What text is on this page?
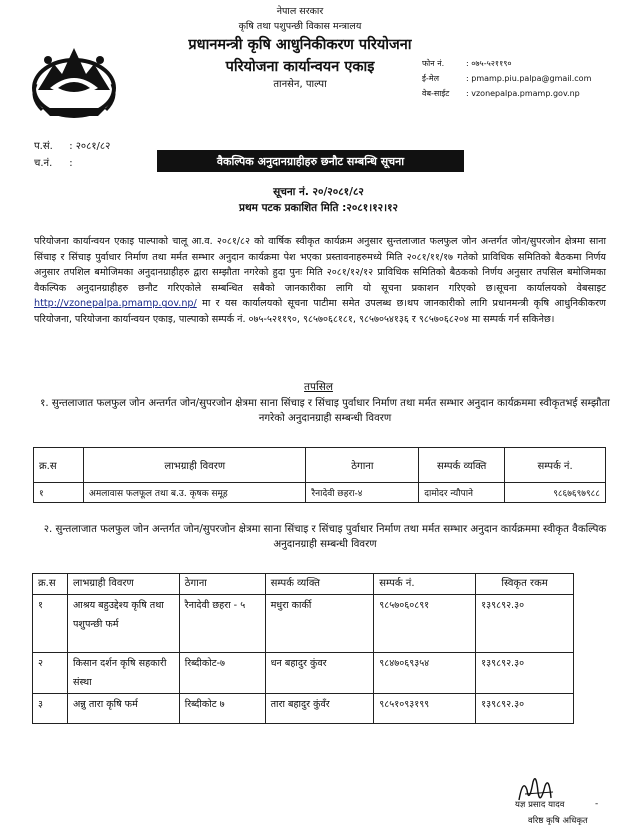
नेपाल सरकार
कृषि तथा पशुपन्छी विकास मन्त्रालय
प्रधानमन्त्री कृषि आधुनिकीकरण परियोजना
परियोजना कार्यान्वयन एकाइ
तानसेन, पाल्पा
फोन नं.	: ०७५-५२११९०
ई-मेल	: pmamp.piu.palpa@gmail.com
वेब-साईट	: vzonepalpa.pmamp.gov.np
प.सं. : २०८१/८२
च.नं. :	वैकल्पिक अनुदानग्राहीहरु छनौट सम्बन्धि सूचना
सूचना नं. २०/२०८१/८२
प्रथम पटक प्रकाशित मिति :२०८१।१२।१२

परियोजना कार्यान्वयन एकाइ पाल्पाको चालू आ.व. २०८१/८२ को वार्षिक स्वीकृत कार्यक्रम अनुसार सुन्तलाजात फलफुल जोन अन्तर्गत जोन/सुपरजोन क्षेत्रमा साना सिंचाइ र सिंचाइ पुर्वाधार निर्माण तथा मर्मत सम्भार अनुदान कार्यक्रमा पेश भएका प्रस्तावनाहरुमध्ये मिति २०८१/११/१७ गतेको प्राविधिक समितिको बैठकमा निर्णय अनुसार तपशिल बमोजिमका अनुदानग्राहीहरु द्वारा सम्झौता नगरेको हुदा पुनः मिति २०८१/१२/१२ प्राविधिक समितिको बैठकको निर्णय अनुसार तपसिल बमोजिमका वैकल्पिक अनुदानग्राहीहरु छनौट गरिएकोले सम्बन्धित सबैको जानकारीका लागि यो सूचना प्रकाशन गरिएको छ।सूचना कार्यालयको वेबसाइट http://vzonepalpa.pmamp.gov.np/ मा र यस कार्यालयको सूचना पाटीमा समेत उपलब्ध छ।थप जानकारीको लागि प्रधानमन्त्री कृषि आधुनिकीकरण परियोजना, परियोजना कार्यान्वयन एकाइ, पाल्पाको सम्पर्क नं. ०७५-५२११९०, ९८५७०६८१८१, ९८५७०५४१३६ र ९८५७०६८२०४ मा सम्पर्क गर्न सकिनेछ।

तपसिल
१. सुन्तलाजात फलफुल जोन अन्तर्गत जोन/सुपरजोन क्षेत्रमा साना सिंचाइ र सिंचाइ पुर्वाधार निर्माण तथा मर्मत सम्भार अनुदान कार्यक्रममा स्वीकृतभई सम्झौता नगरेको अनुदानग्राही सम्बन्धी विवरण
क्र.स	लाभग्राही विवरण	ठेगाना	सम्पर्क व्यक्ति	सम्पर्क नं.
१	अमलावास फलफूल तथा ब.उ. कृषक समूह	रैनादेवी छहरा-४	दामोदर न्यौपाने	९८६७६९७९८८
२. सुन्तलाजात फलफुल जोन अन्तर्गत जोन/सुपरजोन क्षेत्रमा साना सिंचाइ र सिंचाइ पुर्वाधार निर्माण तथा मर्मत सम्भार अनुदान कार्यक्रममा स्वीकृत वैकल्पिक अनुदानग्राही सम्बन्धी विवरण
क्र.स	लाभग्राही विवरण	ठेगाना	सम्पर्क व्यक्ति	सम्पर्क नं.	स्विकृत रकम
१	आश्रय बहुउद्देश्य कृषि तथा पशुपन्छी फर्म	रैनादेवी छहरा - ५	मधुरा कार्की	९८५७०६०८९१	१३९८९२.३०
२	किसान दर्शन कृषि सहकारी संस्था	रिब्दीकोट-७	धन बहादुर कुंवर	९८४७०६९३५४	१३९८९२.३०
३	अन्नु तारा कृषि फर्म	रिब्दीकोट ७	तारा बहादुर कुंवँर	९८५१०९३१९९	१३९८९२.३०
यज्ञ प्रसाद यादव	-
वरिष्ठ कृषि अधिकृत
